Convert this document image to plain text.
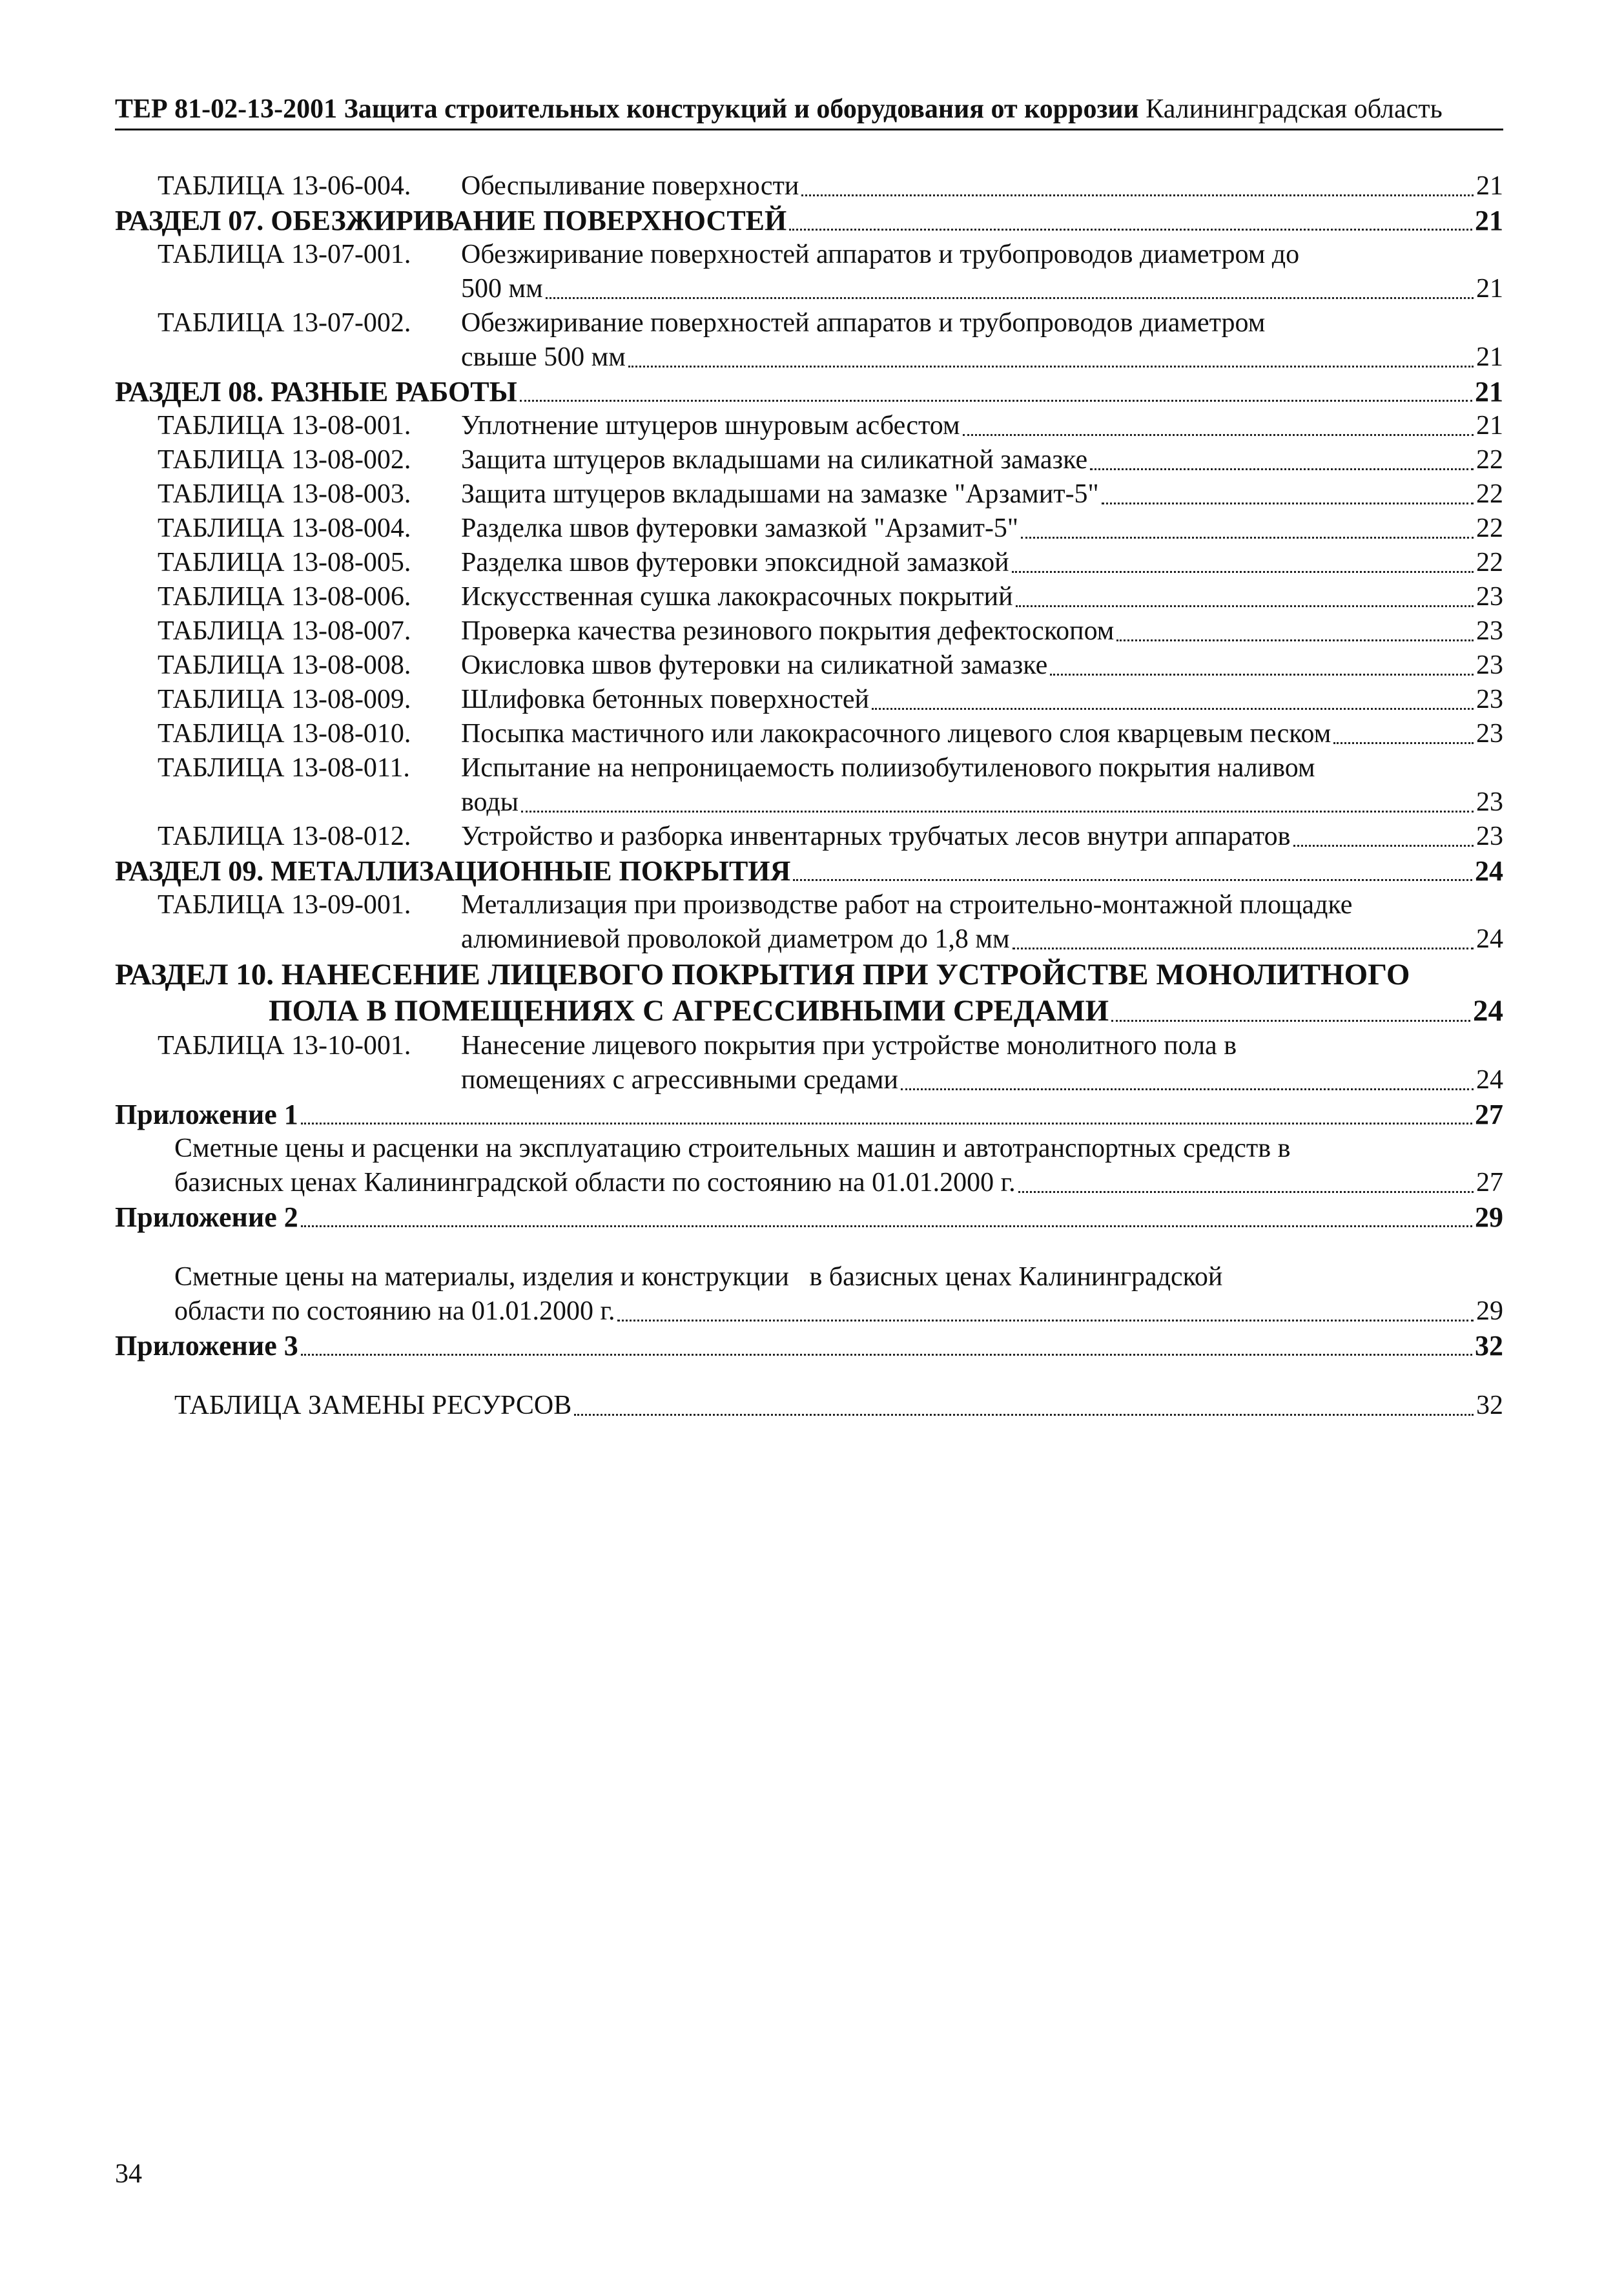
ТЕР 81-02-13-2001 Защита строительных конструкций и оборудования от коррозии Калининградская область
ТАБЛИЦА 13-06-004.	Обеспыливание поверхности	21
РАЗДЕЛ 07. ОБЕЗЖИРИВАНИЕ ПОВЕРХНОСТЕЙ	21
ТАБЛИЦА 13-07-001.	Обезжиривание поверхностей аппаратов и трубопроводов диаметром до
500 мм	21
ТАБЛИЦА 13-07-002.	Обезжиривание поверхностей аппаратов и трубопроводов диаметром
свыше 500 мм	21
РАЗДЕЛ 08. РАЗНЫЕ РАБОТЫ	21
ТАБЛИЦА 13-08-001.	Уплотнение штуцеров шнуровым асбестом	21
ТАБЛИЦА 13-08-002.	Защита штуцеров вкладышами на силикатной замазке	22
ТАБЛИЦА 13-08-003.	Защита штуцеров вкладышами на замазке "Арзамит-5"	22
ТАБЛИЦА 13-08-004.	Разделка швов футеровки замазкой "Арзамит-5"	22
ТАБЛИЦА 13-08-005.	Разделка швов футеровки эпоксидной замазкой	22
ТАБЛИЦА 13-08-006.	Искусственная сушка лакокрасочных покрытий	23
ТАБЛИЦА 13-08-007.	Проверка качества резинового покрытия дефектоскопом	23
ТАБЛИЦА 13-08-008.	Окисловка швов футеровки на силикатной замазке	23
ТАБЛИЦА 13-08-009.	Шлифовка бетонных поверхностей	23
ТАБЛИЦА 13-08-010.	Посыпка мастичного или лакокрасочного лицевого слоя кварцевым песком	23
ТАБЛИЦА 13-08-011.	Испытание на непроницаемость полиизобутиленового покрытия наливом
воды	23
ТАБЛИЦА 13-08-012.	Устройство и разборка инвентарных трубчатых лесов внутри аппаратов	23
РАЗДЕЛ 09. МЕТАЛЛИЗАЦИОННЫЕ ПОКРЫТИЯ	24
ТАБЛИЦА 13-09-001.	Металлизация при производстве работ на строительно-монтажной площадке
алюминиевой проволокой диаметром до 1,8 мм	24
РАЗДЕЛ 10. НАНЕСЕНИЕ ЛИЦЕВОГО ПОКРЫТИЯ ПРИ УСТРОЙСТВЕ МОНОЛИТНОГО
ПОЛА В ПОМЕЩЕНИЯХ С АГРЕССИВНЫМИ СРЕДАМИ	24
ТАБЛИЦА 13-10-001.	Нанесение лицевого покрытия при устройстве монолитного пола в
помещениях с агрессивными средами	24
Приложение 1	27
Сметные цены и расценки на эксплуатацию строительных машин и автотранспортных средств в
базисных ценах Калининградской области по состоянию на 01.01.2000 г.	27
Приложение 2	29
Сметные цены на материалы, изделия и конструкции   в базисных ценах Калининградской
области по состоянию на 01.01.2000 г.	29
Приложение 3	32
ТАБЛИЦА ЗАМЕНЫ РЕСУРСОВ	32
34
